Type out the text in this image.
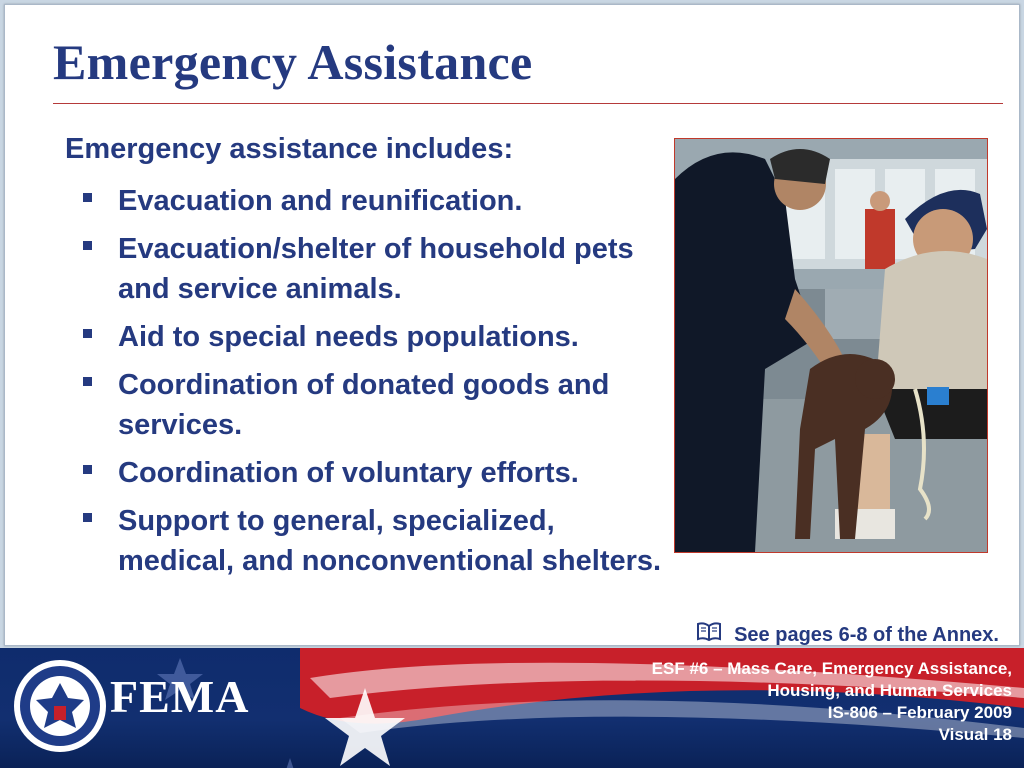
Emergency Assistance

Emergency assistance includes:

Evacuation and reunification.
Evacuation/shelter of household pets and service animals.
Aid to special needs populations.
Coordination of donated goods and services.
Coordination of voluntary efforts.
Support to general, specialized, medical, and nonconventional shelters.
See pages 6-8 of the Annex.
FEMA
ESF #6 – Mass Care, Emergency Assistance,
Housing, and Human Services
IS-806 – February 2009
Visual 18
